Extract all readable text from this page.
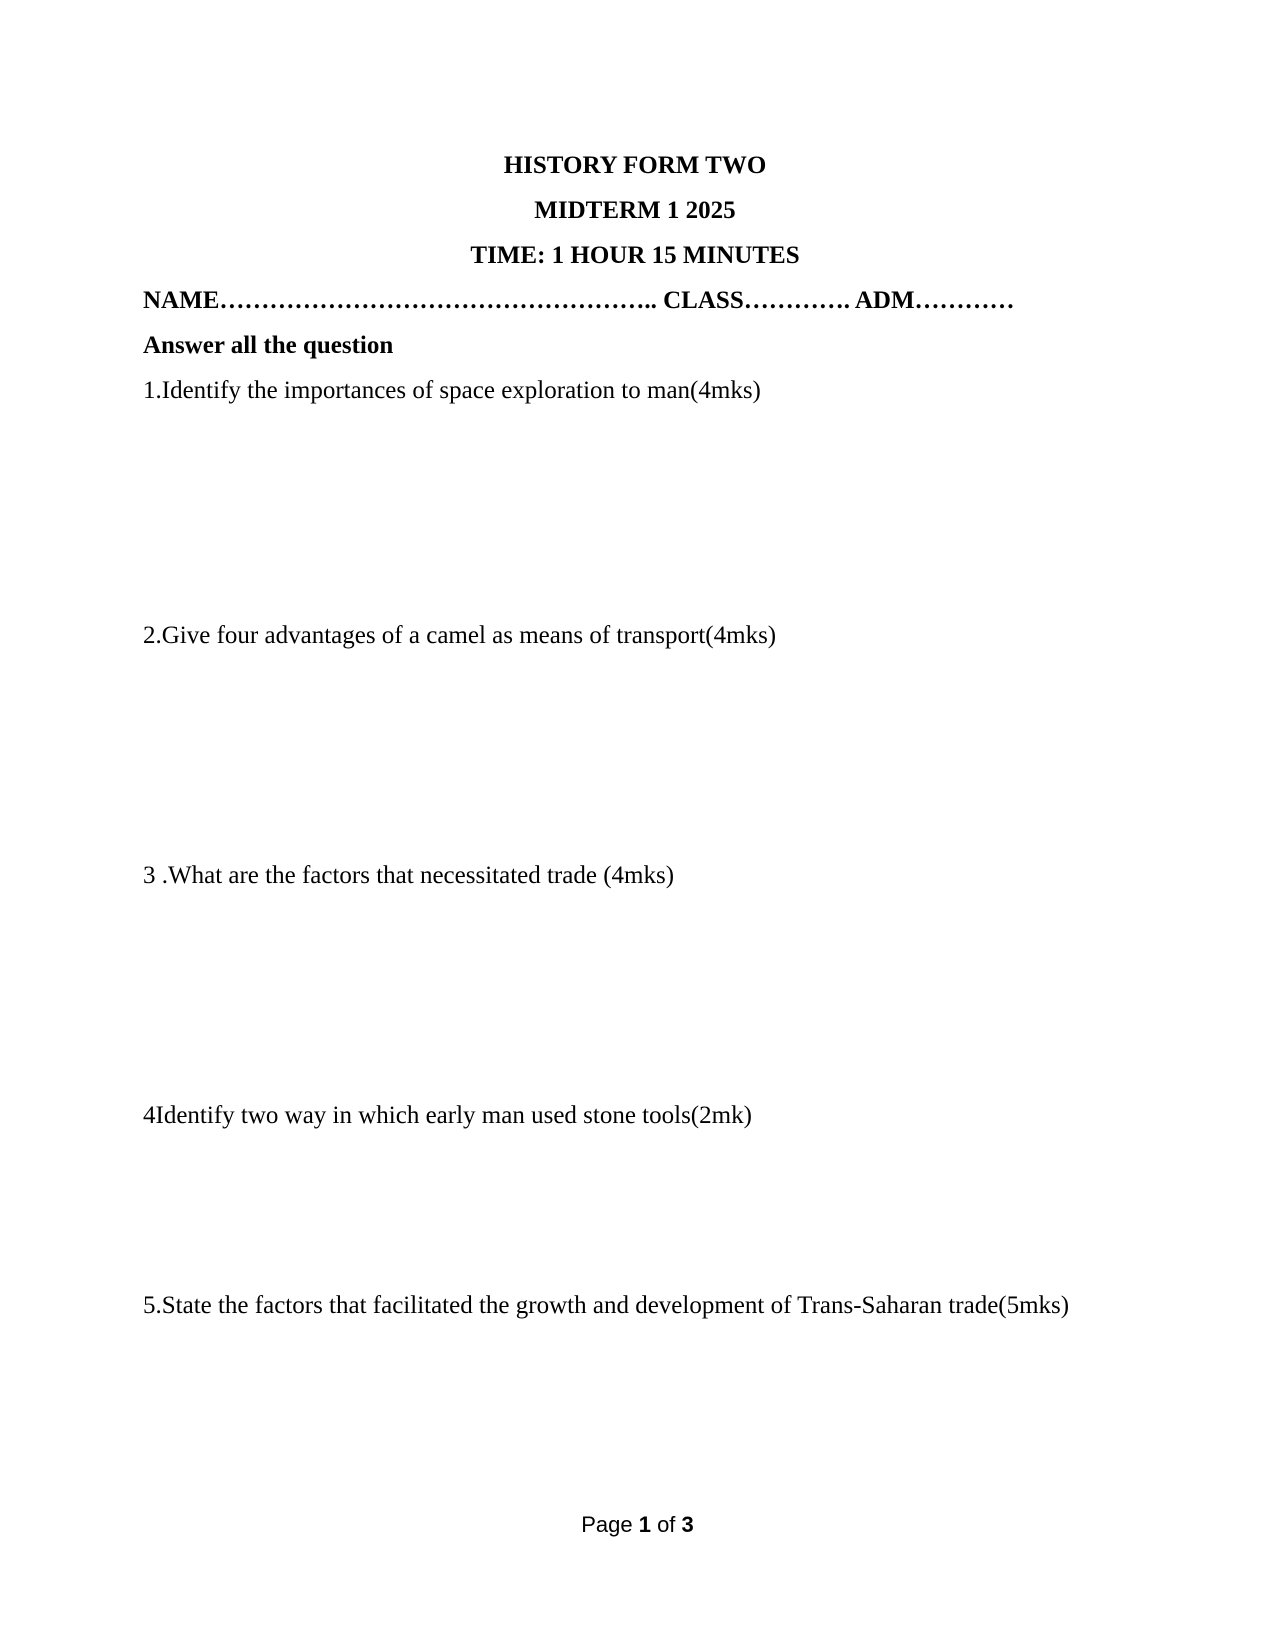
HISTORY FORM TWO

MIDTERM 1 2025

TIME: 1 HOUR 15 MINUTES

NAME…………………………………………….. CLASS…………. ADM…………

Answer all the question

1.Identify the importances of space exploration to man(4mks)

2.Give four advantages of a camel as means of transport(4mks)

3 .What are the factors that necessitated trade (4mks)

4Identify two way in which early man used stone tools(2mk)

5.State the factors that facilitated the growth and development of Trans-Saharan trade(5mks)

Page 1 of 3
